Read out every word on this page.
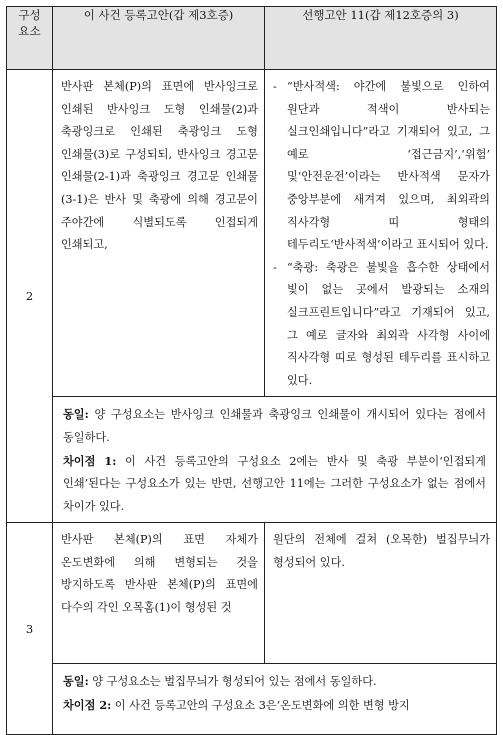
구성
요소	이 사건 등록고안(갑 제3호증)	선행고안 11(갑 제12호증의 3)
2	반사판 본체(P)의 표면에 반사잉크로 인쇄된 반사잉크 도형 인쇄물(2)과 축광잉크로 인쇄된 축광잉크 도형 인쇄물(3)로 구성되되, 반사잉크 경고문 인쇄물(2-1)과 축광잉크 경고문 인쇄물(3-1)은 반사 및 축광에 의해 경고문이 주야간에 식별되도록 인접되게 인쇄되고,	- “반사적색: 야간에 불빛으로 인하여 원단과 적색이 반사되는 실크인쇄입니다”라고 기재되어 있고, 그 예로 ‘접근금지’,‘위험’ 및‘안전운전’이라는 반사적색 문자가 중앙부분에 새겨져 있으며, 최외곽의 직사각형 띠 형태의 테두리도‘반사적색’이라고 표시되어 있다.
- “축광: 축광은 불빛을 흡수한 상태에서 빛이 없는 곳에서 발광되는 소재의 실크프린트입니다”라고 기재되어 있고, 그 예로 글자와 최외곽 사각형 사이에 직사각형 띠로 형성된 테두리를 표시하고 있다.

	동일: 양 구성요소는 반사잉크 인쇄물과 축광잉크 인쇄물이 개시되어 있다는 점에서 동일하다.

차이점 1: 이 사건 등록고안의 구성요소 2에는 반사 및 축광 부분이‘인접되게 인쇄’된다는 구성요소가 있는 반면, 선행고안 11에는 그러한 구성요소가 없는 점에서 차이가 있다.	

3	반사판 본체(P)의 표면 자체가 온도변화에 의해 변형되는 것을 방지하도록 반사판 본체(P)의 표면에 다수의 각인 오목홈(1)이 형성된 것	원단의 전체에 걸쳐 (오목한) 벌집무늬가 형성되어 있다.

	동일: 양 구성요소는 벌집무늬가 형성되어 있는 점에서 동일하다.

차이점 2: 이 사건 등록고안의 구성요소 3은‘온도변화에 의한 변형 방지	
